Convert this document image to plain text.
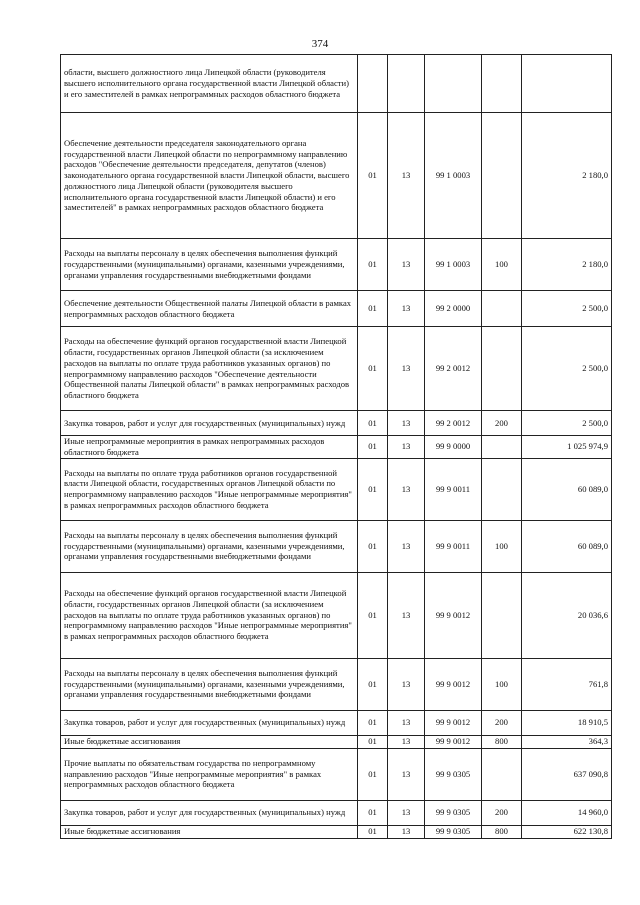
374
области, высшего должностного лица Липецкой области (руководителя высшего исполнительного органа государственной власти Липецкой области) и его заместителей в рамках непрограммных расходов областного бюджета					
Обеспечение деятельности председателя законодательного органа государственной власти Липецкой области по непрограммному направлению расходов "Обеспечение деятельности председателя, депутатов (членов) законодательного органа государственной власти Липецкой области, высшего должностного лица Липецкой области (руководителя высшего исполнительного органа государственной власти Липецкой области) и его заместителей" в рамках непрограммных расходов областного бюджета	01	13	99 1 0003		2 180,0
Расходы на выплаты персоналу в целях обеспечения выполнения функций государственными (муниципальными) органами, казенными учреждениями, органами управления государственными внебюджетными фондами	01	13	99 1 0003	100	2 180,0
Обеспечение деятельности Общественной палаты Липецкой области в рамках непрограммных расходов областного бюджета	01	13	99 2 0000		2 500,0
Расходы на обеспечение функций органов государственной власти Липецкой области, государственных органов Липецкой области (за исключением расходов на выплаты по оплате труда работников указанных органов) по непрограммному направлению расходов "Обеспечение деятельности Общественной палаты Липецкой области" в рамках непрограммных расходов областного бюджета	01	13	99 2 0012		2 500,0
Закупка товаров, работ и услуг для государственных (муниципальных) нужд	01	13	99 2 0012	200	2 500,0
Иные непрограммные мероприятия в рамках непрограммных расходов областного бюджета	01	13	99 9 0000		1 025 974,9
Расходы на выплаты по оплате труда работников органов государственной власти Липецкой области, государственных органов Липецкой области по непрограммному направлению расходов "Иные непрограммные мероприятия" в рамках непрограммных расходов областного бюджета	01	13	99 9 0011		60 089,0
Расходы на выплаты персоналу в целях обеспечения выполнения функций государственными (муниципальными) органами, казенными учреждениями, органами управления государственными внебюджетными фондами	01	13	99 9 0011	100	60 089,0
Расходы на обеспечение функций органов государственной власти Липецкой области, государственных органов Липецкой области (за исключением расходов на выплаты по оплате труда работников указанных органов) по непрограммному направлению расходов "Иные непрограммные мероприятия" в рамках непрограммных расходов областного бюджета	01	13	99 9 0012		20 036,6
Расходы на выплаты персоналу в целях обеспечения выполнения функций государственными (муниципальными) органами, казенными учреждениями, органами управления государственными внебюджетными фондами	01	13	99 9 0012	100	761,8
Закупка товаров, работ и услуг для государственных (муниципальных) нужд	01	13	99 9 0012	200	18 910,5
Иные бюджетные ассигнования	01	13	99 9 0012	800	364,3
Прочие выплаты по обязательствам государства по непрограммному направлению расходов "Иные непрограммные мероприятия" в рамках непрограммных расходов областного бюджета	01	13	99 9 0305		637 090,8
Закупка товаров, работ и услуг для государственных (муниципальных) нужд	01	13	99 9 0305	200	14 960,0
Иные бюджетные ассигнования	01	13	99 9 0305	800	622 130,8
